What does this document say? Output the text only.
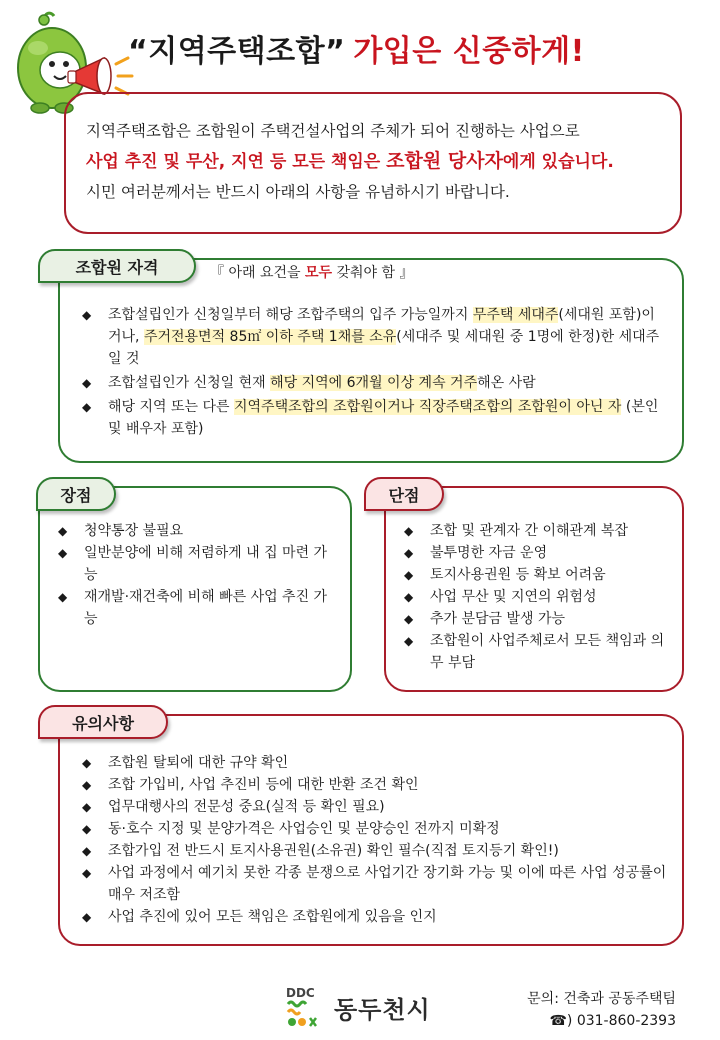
“지역주택조합” 가입은 신중하게!
지역주택조합은 조합원이 주택건설사업의 주체가 되어 진행하는 사업으로
사업 추진 및 무산, 지연 등 모든 책임은 조합원 당사자에게 있습니다.
시민 여러분께서는 반드시 아래의 사항을 유념하시기 바랍니다.
◆ 조합설립인가 신청일부터 해당 조합주택의 입주 가능일까지 무주택 세대주(세대원 포함)이거나, 주거전용면적 85㎡ 이하 주택 1채를 소유(세대주 및 세대원 중 1명에 한정)한 세대주일 것
◆ 조합설립인가 신청일 현재 해당 지역에 6개월 이상 계속 거주해온 사람
◆ 해당 지역 또는 다른 지역주택조합의 조합원이거나 직장주택조합의 조합원이 아닌 자 (본인 및 배우자 포함)
조합원 자격	『 아래 요건을 모두 갖춰야 함 』
◆ 청약통장 불필요
◆ 일반분양에 비해 저렴하게 내 집 마련 가능
◆ 재개발·재건축에 비해 빠른 사업 추진 가능
장점
◆ 조합 및 관계자 간 이해관계 복잡
◆ 불투명한 자금 운영
◆ 토지사용권원 등 확보 어려움
◆ 사업 무산 및 지연의 위험성
◆ 추가 분담금 발생 가능
◆ 조합원이 사업주체로서 모든 책임과 의무 부담
단점
◆ 조합원 탈퇴에 대한 규약 확인
◆ 조합 가입비, 사업 추진비 등에 대한 반환 조건 확인
◆ 업무대행사의 전문성 중요(실적 등 확인 필요)
◆ 동·호수 지정 및 분양가격은 사업승인 및 분양승인 전까지 미확정
◆ 조합가입 전 반드시 토지사용권원(소유권) 확인 필수(직접 토지등기 확인!)
◆ 사업 과정에서 예기치 못한 각종 분쟁으로 사업기간 장기화 가능 및 이에 따른 사업 성공률이 매우 저조함
◆ 사업 추진에 있어 모든 책임은 조합원에게 있음을 인지
유의사항
DDC
동두천시	문의: 건축과 공동주택팀
☎) 031-860-2393
